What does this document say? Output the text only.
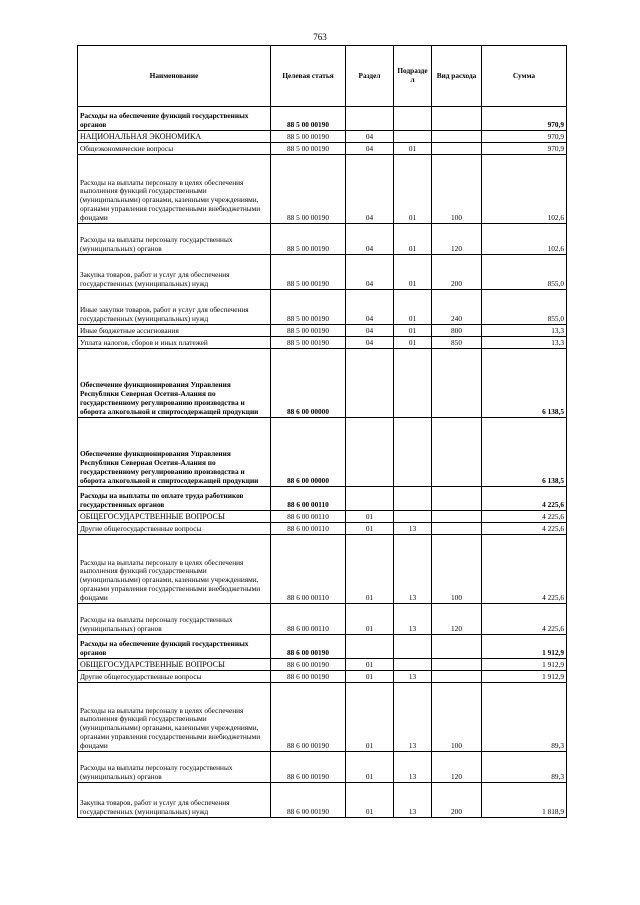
763
Наименование	Целевая статья	Раздел	Подраздел	Вид расхода	Сумма
Расходы на обеспечение функций государственных органов	88 5 00 00190				970,9
НАЦИОНАЛЬНАЯ ЭКОНОМИКА	88 5 00 00190	04			970,9
Общеэкономические вопросы	88 5 00 00190	04	01		970,9
Расходы на выплаты персоналу в целях обеспечения выполнения функций государственными (муниципальными) органами, казенными учреждениями, органами управления государственными внебюджетными фондами	88 5 00 00190	04	01	100	102,6
Расходы на выплаты персоналу государственных (муниципальных) органов	88 5 00 00190	04	01	120	102,6
Закупка товаров, работ и услуг для обеспечения государственных (муниципальных) нужд	88 5 00 00190	04	01	200	855,0
Иные закупки товаров, работ и услуг для обеспечения государственных (муниципальных) нужд	88 5 00 00190	04	01	240	855,0
Иные бюджетные ассигнования	88 5 00 00190	04	01	800	13,3
Уплата налогов, сборов и иных платежей	88 5 00 00190	04	01	850	13,3
Обеспечение функционирования Управления Республики Северная Осетия-Алания по государственному регулированию производства и оборота алкогольной и спиртосодержащей продукции	88 6 00 00000				6 138,5
Обеспечение функционирования Управления Республики Северная Осетия-Алания по государственному регулированию производства и оборота алкогольной и спиртосодержащей продукции	88 6 00 00000				6 138,5
Расходы на выплаты по оплате труда работников государственных органов	88 6 00 00110				4 225,6
ОБЩЕГОСУДАРСТВЕННЫЕ ВОПРОСЫ	88 6 00 00110	01			4 225,6
Другие общегосударственные вопросы	88 6 00 00110	01	13		4 225,6
Расходы на выплаты персоналу в целях обеспечения выполнения функций государственными (муниципальными) органами, казенными учреждениями, органами управления государственными внебюджетными фондами	88 6 00 00110	01	13	100	4 225,6
Расходы на выплаты персоналу государственных (муниципальных) органов	88 6 00 00110	01	13	120	4 225,6
Расходы на обеспечение функций государственных органов	88 6 00 00190				1 912,9
ОБЩЕГОСУДАРСТВЕННЫЕ ВОПРОСЫ	88 6 00 00190	01			1 912,9
Другие общегосударственные вопросы	88 6 00 00190	01	13		1 912,9
Расходы на выплаты персоналу в целях обеспечения выполнения функций государственными (муниципальными) органами, казенными учреждениями, органами управления государственными внебюджетными фондами	88 6 00 00190	01	13	100	89,3
Расходы на выплаты персоналу государственных (муниципальных) органов	88 6 00 00190	01	13	120	89,3
Закупка товаров, работ и услуг для обеспечения государственных (муниципальных) нужд	88 6 00 00190	01	13	200	1 818,9
